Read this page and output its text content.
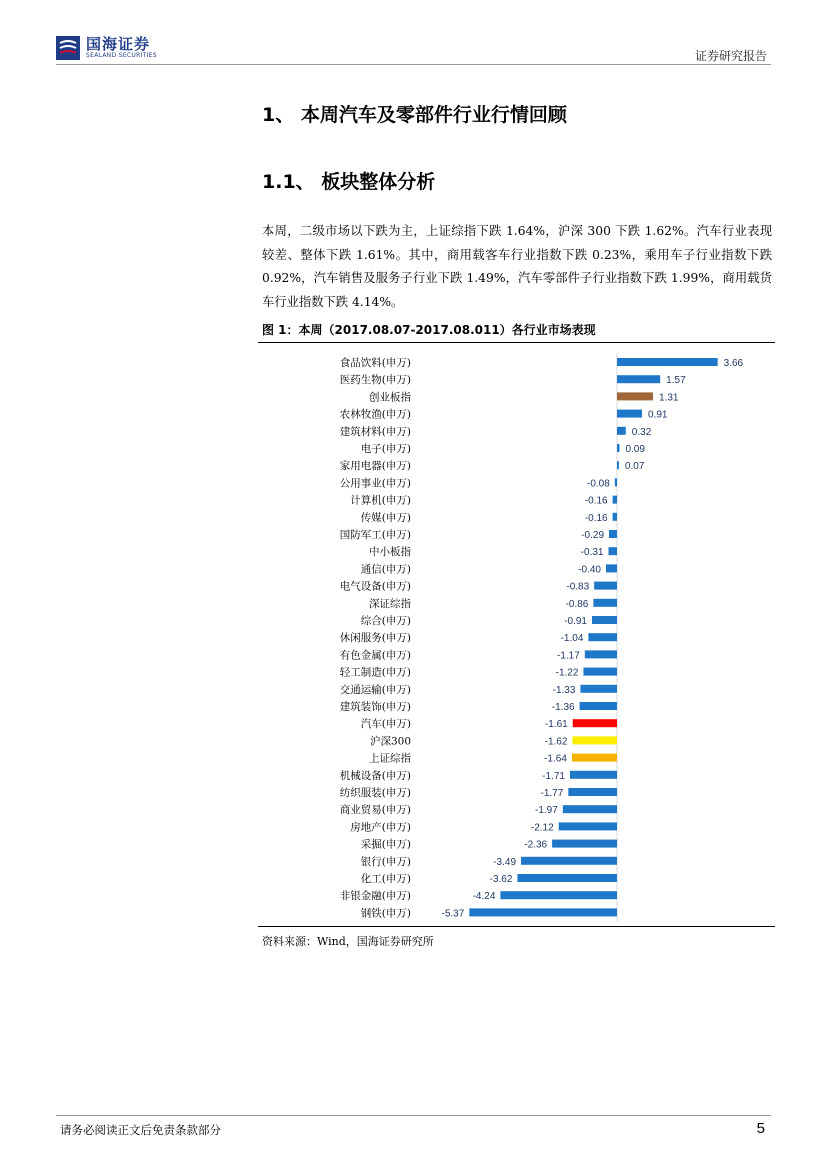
国海证券
SEALAND SECURITIES	证券研究报告
1、 本周汽车及零部件行业行情回顾
1.1、 板块整体分析
本周，二级市场以下跌为主，上证综指下跌 1.64%，沪深 300 下跌 1.62%。汽车行业表现较差、整体下跌 1.61%。其中，商用载客车行业指数下跌 0.23%，乘用车子行业指数下跌 0.92%，汽车销售及服务子行业下跌 1.49%，汽车零部件子行业指数下跌 1.99%，商用载货车行业指数下跌 4.14%。
图 1：本周（2017.08.07-2017.08.011）各行业市场表现
食品饮料(申万)	3.66
医药生物(申万)	1.57
创业板指	1.31
农林牧渔(申万)	0.91
建筑材料(申万)	0.32
电子(申万)	0.09
家用电器(申万)	0.07
公用事业(申万)	-0.08
计算机(申万)	-0.16
传媒(申万)	-0.16
国防军工(申万)	-0.29
中小板指	-0.31
通信(申万)	-0.40
电气设备(申万)	-0.83
深证综指	-0.86
综合(申万)	-0.91
休闲服务(申万)	-1.04
有色金属(申万)	-1.17
轻工制造(申万)	-1.22
交通运输(申万)	-1.33
建筑装饰(申万)	-1.36
汽车(申万)	-1.61
沪深300	-1.62
上证综指	-1.64
机械设备(申万)	-1.71
纺织服装(申万)	-1.77
商业贸易(申万)	-1.97
房地产(申万)	-2.12
采掘(申万)	-2.36
银行(申万)	-3.49
化工(申万)	-3.62
非银金融(申万)	-4.24
钢铁(申万)	-5.37
资料来源：Wind，国海证券研究所
请务必阅读正文后免责条款部分	5
